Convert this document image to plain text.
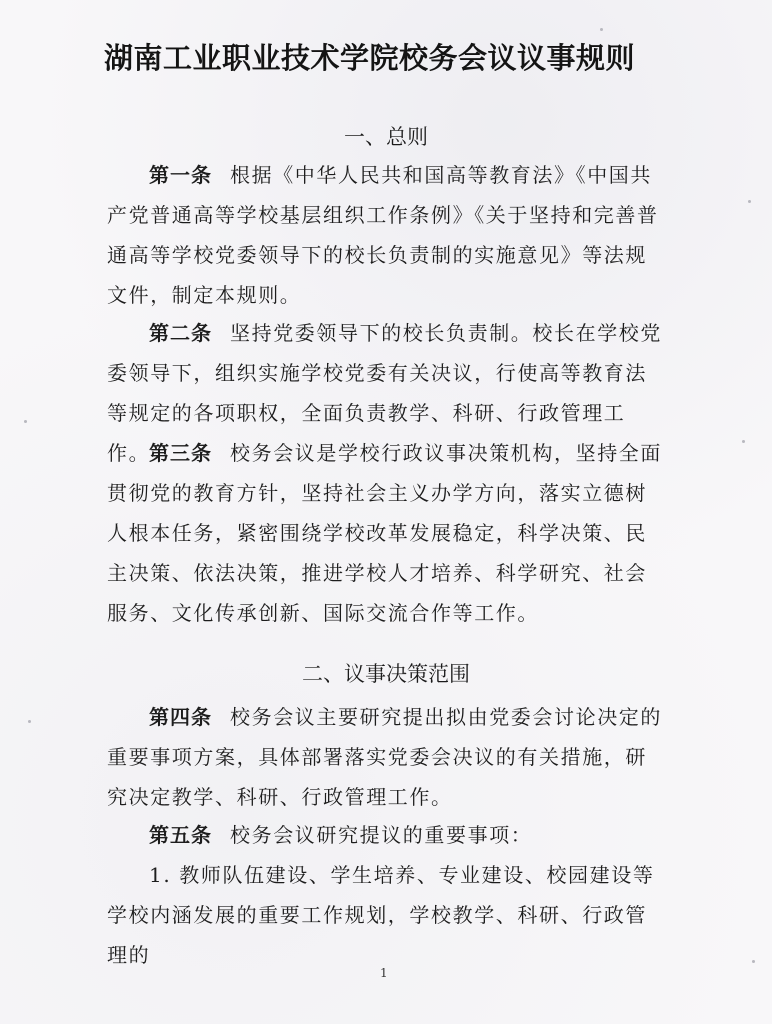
湖南工业职业技术学院校务会议议事规则
一、总则
第一条 根据《中华人民共和国高等教育法》《中国共产党普通高等学校基层组织工作条例》《关于坚持和完善普通高等学校党委领导下的校长负责制的实施意见》等法规文件，制定本规则。
第二条 坚持党委领导下的校长负责制。校长在学校党委领导下，组织实施学校党委有关决议，行使高等教育法等规定的各项职权，全面负责教学、科研、行政管理工作。
第三条 校务会议是学校行政议事决策机构，坚持全面贯彻党的教育方针，坚持社会主义办学方向，落实立德树人根本任务，紧密围绕学校改革发展稳定，科学决策、民主决策、依法决策，推进学校人才培养、科学研究、社会服务、文化传承创新、国际交流合作等工作。
二、议事决策范围
第四条 校务会议主要研究提出拟由党委会讨论决定的重要事项方案，具体部署落实党委会决议的有关措施，研究决定教学、科研、行政管理工作。
第五条 校务会议研究提议的重要事项：
1. 教师队伍建设、学生培养、专业建设、校园建设等学校内涵发展的重要工作规划，学校教学、科研、行政管理的
1
